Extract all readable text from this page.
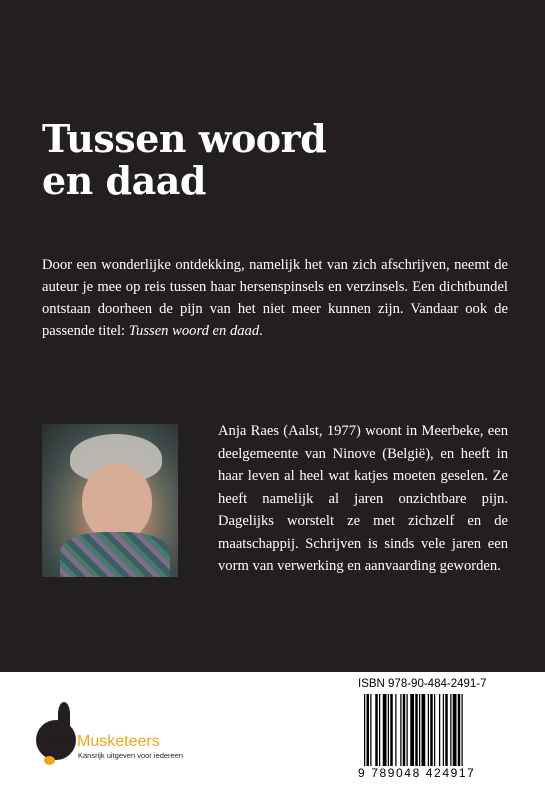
Tussen woord
en daad

Door een wonderlijke ontdekking, namelijk het van zich afschrijven, neemt de auteur je mee op reis tussen haar hersenspinsels en verzinsels. Een dichtbundel ontstaan doorheen de pijn van het niet meer kunnen zijn. Vandaar ook de passende titel: Tussen woord en daad.

Anja Raes (Aalst, 1977) woont in Meerbeke, een deelgemeente van Ninove (België), en heeft in haar leven al heel wat katjes moeten geselen. Ze heeft namelijk al jaren onzichtbare pijn. Dagelijks worstelt ze met zichzelf en de maatschappij. Schrijven is sinds vele jaren een vorm van verwerking en aanvaarding geworden.

Free Musketeers
Kansrijk uitgeven voor iedereen
ISBN 978-90-484-2491-7
9 789048 424917
